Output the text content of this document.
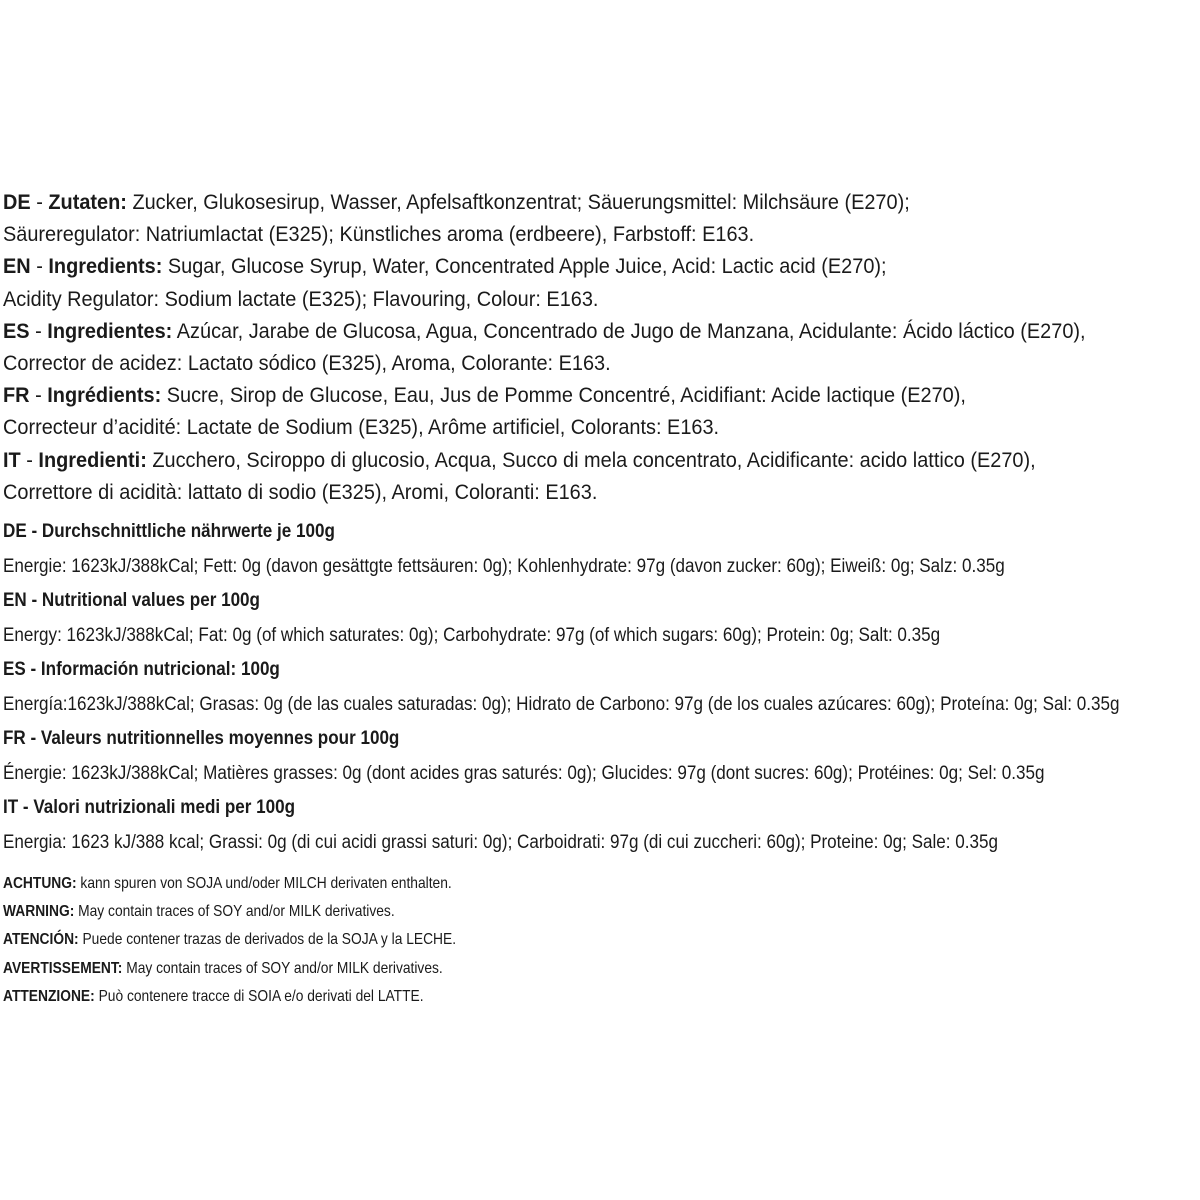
DE - Zutaten: Zucker, Glukosesirup, Wasser, Apfelsaftkonzentrat; Säuerungsmittel: Milchsäure (E270);
Säureregulator: Natriumlactat (E325); Künstliches aroma (erdbeere), Farbstoff: E163.
EN - Ingredients: Sugar, Glucose Syrup, Water, Concentrated Apple Juice, Acid: Lactic acid (E270);
Acidity Regulator: Sodium lactate (E325); Flavouring, Colour: E163.
ES - Ingredientes: Azúcar, Jarabe de Glucosa, Agua, Concentrado de Jugo de Manzana, Acidulante: Ácido láctico (E270),
Corrector de acidez: Lactato sódico (E325), Aroma, Colorante: E163.
FR - Ingrédients: Sucre, Sirop de Glucose, Eau, Jus de Pomme Concentré, Acidifiant: Acide lactique (E270),
Correcteur d’acidité: Lactate de Sodium (E325), Arôme artificiel, Colorants: E163.
IT - Ingredienti: Zucchero, Sciroppo di glucosio, Acqua, Succo di mela concentrato, Acidificante: acido lattico (E270),
Correttore di acidità: lattato di sodio (E325), Aromi, Coloranti: E163.
DE - Durchschnittliche nährwerte je 100g
Energie: 1623kJ/388kCal; Fett: 0g (davon gesättgte fettsäuren: 0g); Kohlenhydrate: 97g (davon zucker: 60g); Eiweiß: 0g; Salz: 0.35g
EN - Nutritional values per 100g
Energy: 1623kJ/388kCal; Fat: 0g (of which saturates: 0g); Carbohydrate: 97g (of which sugars: 60g); Protein: 0g; Salt: 0.35g
ES - Información nutricional: 100g
Energía:1623kJ/388kCal; Grasas: 0g (de las cuales saturadas: 0g); Hidrato de Carbono: 97g (de los cuales azúcares: 60g); Proteína: 0g; Sal: 0.35g
FR - Valeurs nutritionnelles moyennes pour 100g
Énergie: 1623kJ/388kCal; Matières grasses: 0g (dont acides gras saturés: 0g); Glucides: 97g (dont sucres: 60g); Protéines: 0g; Sel: 0.35g
IT - Valori nutrizionali medi per 100g
Energia: 1623 kJ/388 kcal; Grassi: 0g (di cui acidi grassi saturi: 0g); Carboidrati: 97g (di cui zuccheri: 60g); Proteine: 0g; Sale: 0.35g
ACHTUNG: kann spuren von SOJA und/oder MILCH derivaten enthalten.
WARNING: May contain traces of SOY and/or MILK derivatives.
ATENCIÓN: Puede contener trazas de derivados de la SOJA y la LECHE.
AVERTISSEMENT: May contain traces of SOY and/or MILK derivatives.
ATTENZIONE: Può contenere tracce di SOIA e/o derivati del LATTE.
